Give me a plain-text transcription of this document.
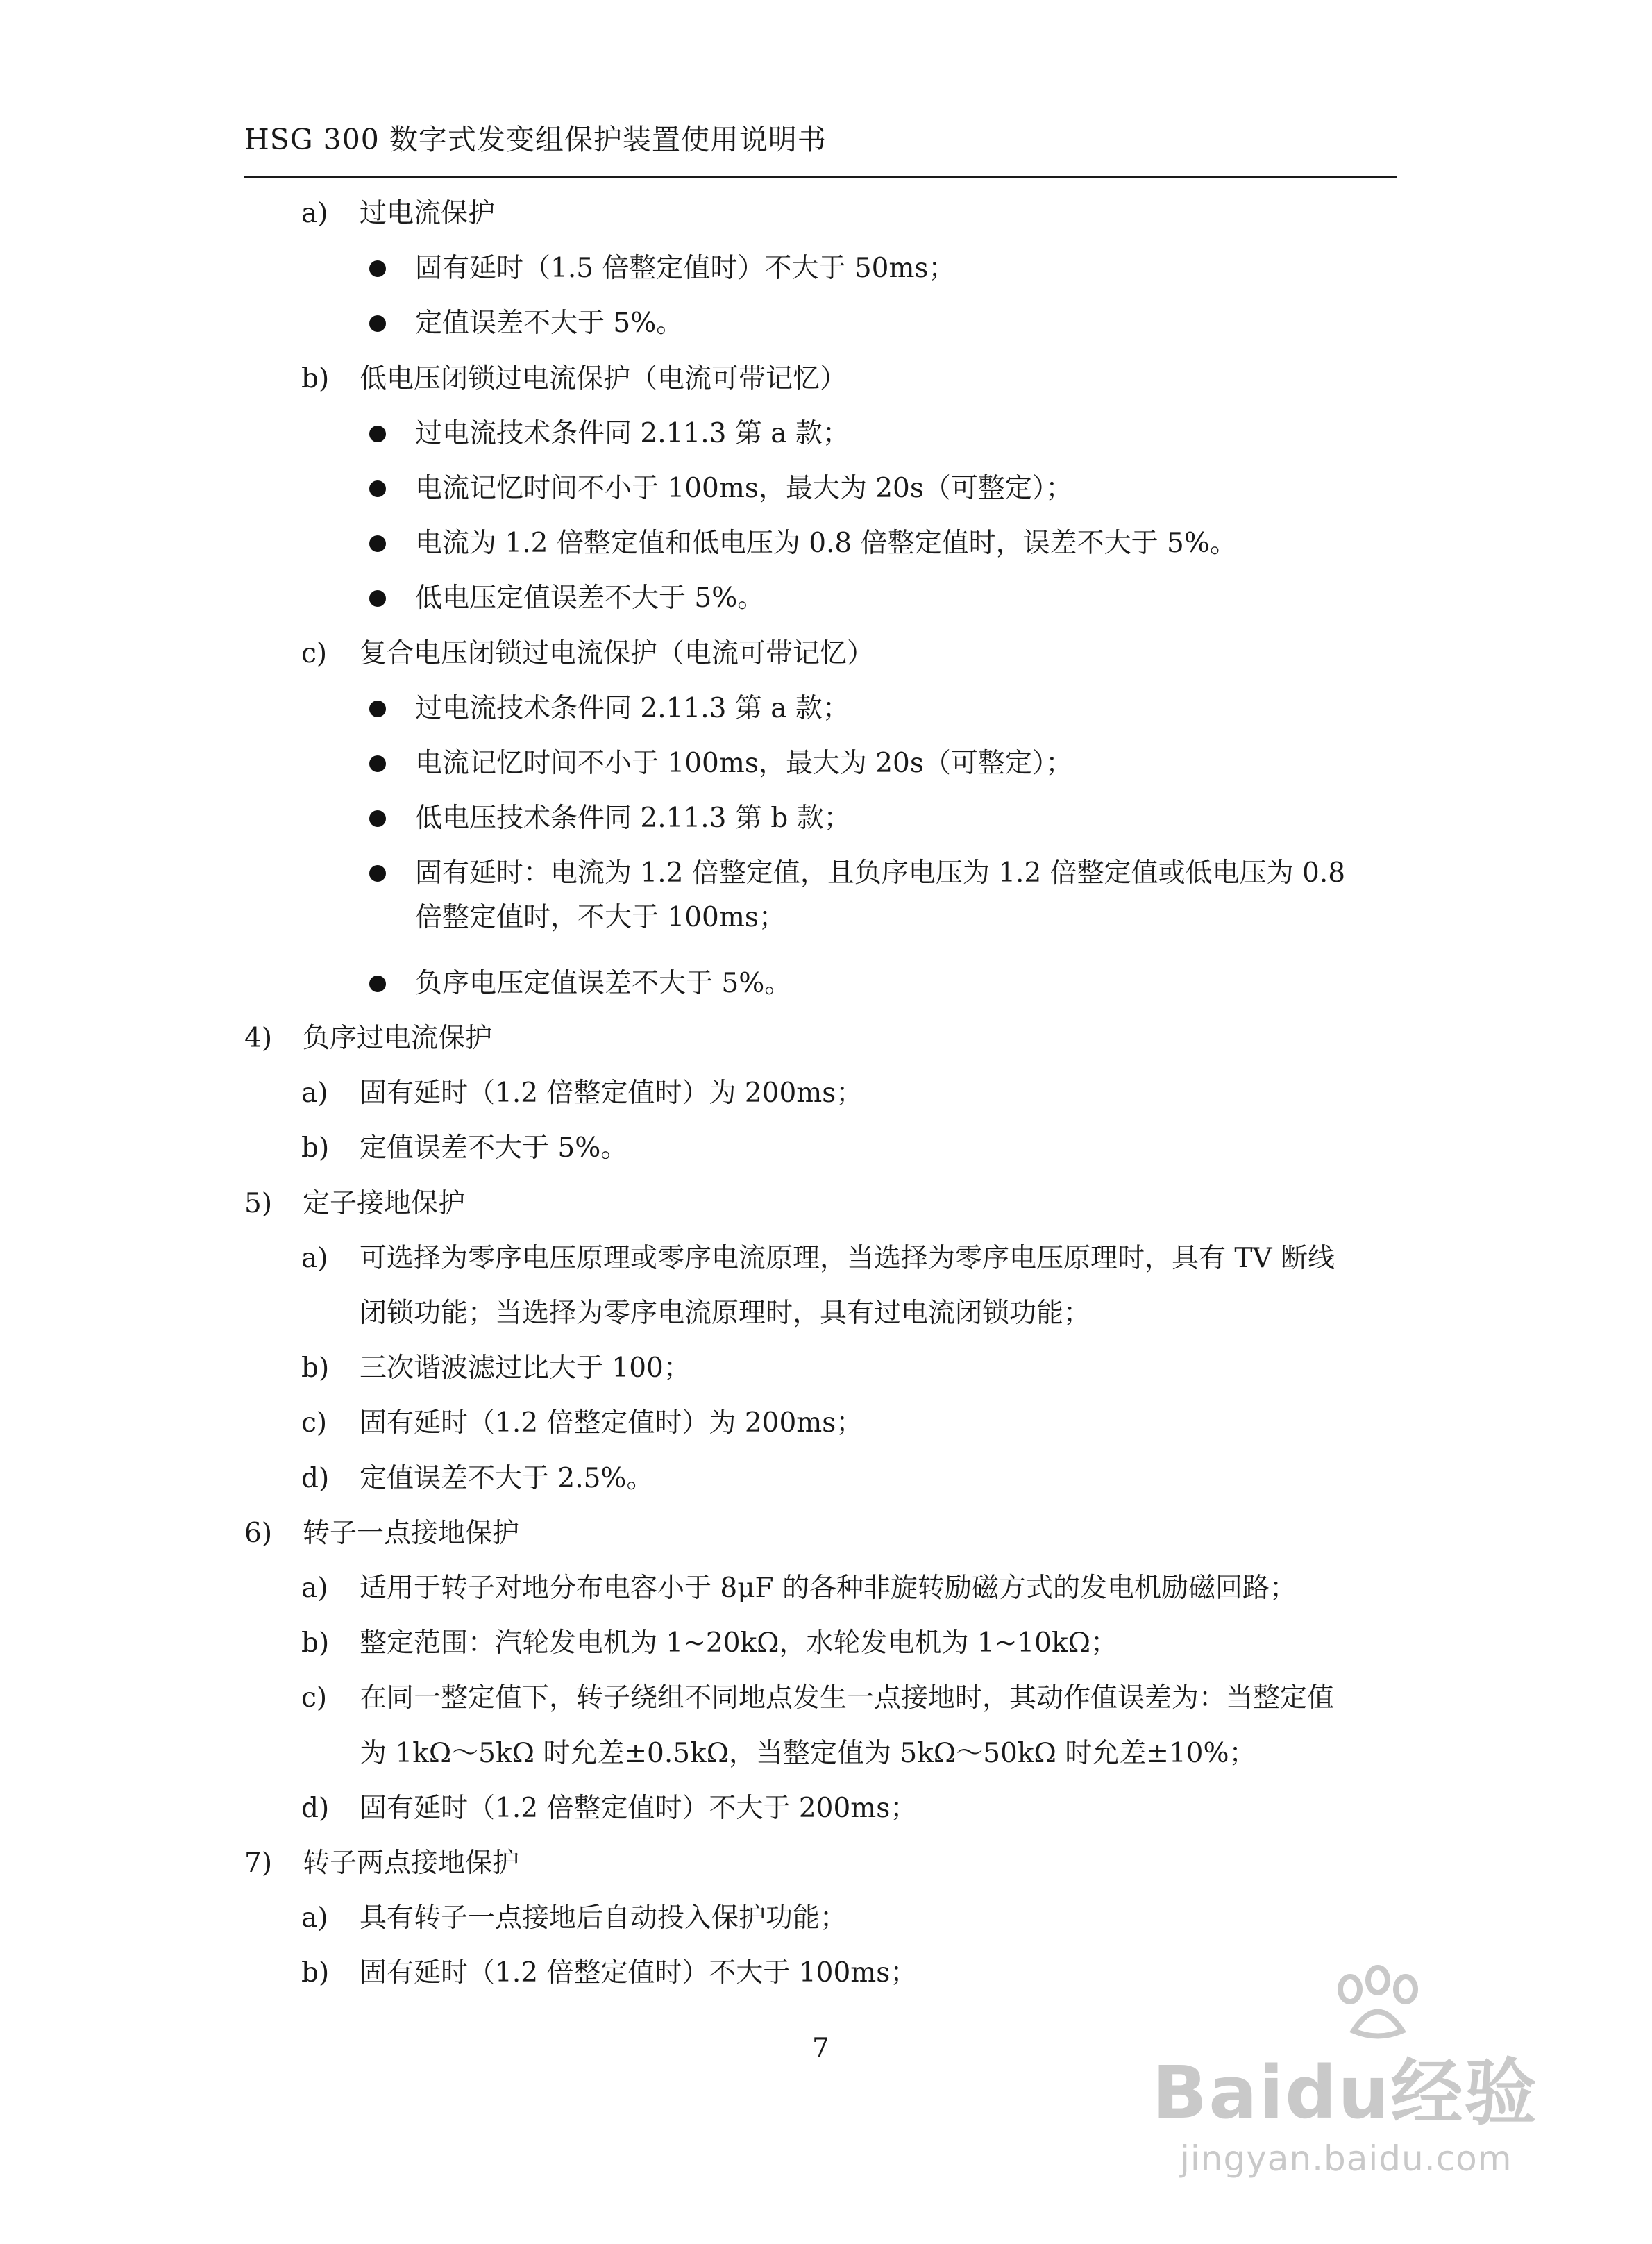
HSG 300 数字式发变组保护装置使用说明书
a) 过电流保护
固有延时（1.5 倍整定值时）不大于 50ms；
定值误差不大于 5%。
b) 低电压闭锁过电流保护（电流可带记忆）
过电流技术条件同 2.11.3 第 a 款；
电流记忆时间不小于 100ms，最大为 20s（可整定）；
电流为 1.2 倍整定值和低电压为 0.8 倍整定值时，误差不大于 5%。
低电压定值误差不大于 5%。
c) 复合电压闭锁过电流保护（电流可带记忆）
过电流技术条件同 2.11.3 第 a 款；
电流记忆时间不小于 100ms，最大为 20s（可整定）；
低电压技术条件同 2.11.3 第 b 款；
固有延时：电流为 1.2 倍整定值，且负序电压为 1.2 倍整定值或低电压为 0.8
倍整定值时，不大于 100ms；
负序电压定值误差不大于 5%。
4) 负序过电流保护
a) 固有延时（1.2 倍整定值时）为 200ms；
b) 定值误差不大于 5%。
5) 定子接地保护
a) 可选择为零序电压原理或零序电流原理，当选择为零序电压原理时，具有 TV 断线
闭锁功能；当选择为零序电流原理时，具有过电流闭锁功能；
b) 三次谐波滤过比大于 100；
c) 固有延时（1.2 倍整定值时）为 200ms；
d) 定值误差不大于 2.5%。
6) 转子一点接地保护
a) 适用于转子对地分布电容小于 8μF 的各种非旋转励磁方式的发电机励磁回路；
b) 整定范围：汽轮发电机为 1~20kΩ，水轮发电机为 1~10kΩ；
c) 在同一整定值下，转子绕组不同地点发生一点接地时，其动作值误差为：当整定值
为 1kΩ～5kΩ 时允差±0.5kΩ，当整定值为 5kΩ～50kΩ 时允差±10%；
d) 固有延时（1.2 倍整定值时）不大于 200ms；
7) 转子两点接地保护
a) 具有转子一点接地后自动投入保护功能；
b) 固有延时（1.2 倍整定值时）不大于 100ms；
7
Baidu经验
jingyan.baidu.com
